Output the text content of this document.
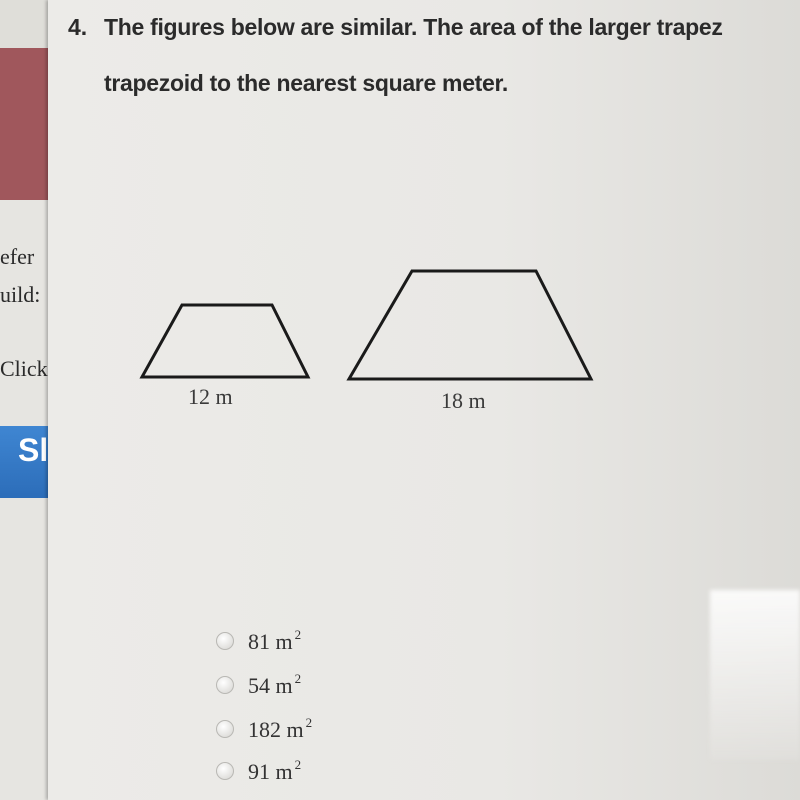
efer
uild:
Click
Sl
4. The figures below are similar. The area of the larger trapez
trapezoid to the nearest square meter.
12 m	18 m
81 m $^2$
54 m $^2$
182 m $^2$
91 m $^2$
